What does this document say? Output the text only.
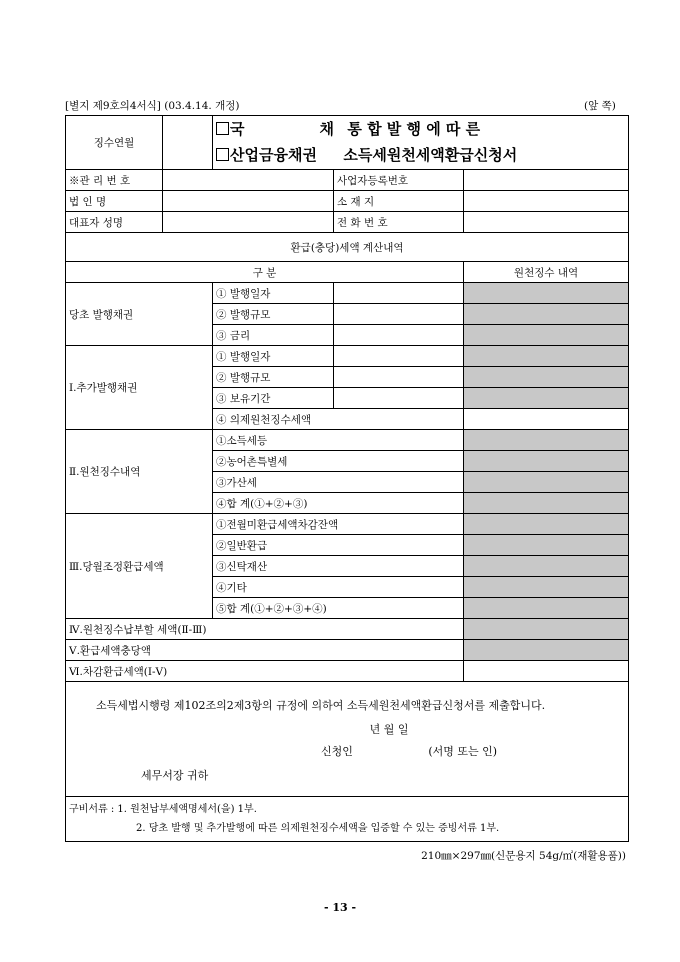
[별지 제9호의4서식] (03.4.14. 개정)	(앞 쪽)
징수연월		국 채 통 합 발 행 에 따 른
산업금융채권 소득세원천세액환급신청서		

※관 리 번 호			사업자등록번호	
법 인 명			소 재 지	
대표자 성명			전 화 번 호	
환급(충당)세액 계산내역				
구 분				원천징수 내역
당초 발행채권		① 발행일자		
		② 발행규모		
		③ 금리		
Ⅰ.추가발행채권		① 발행일자		
		② 발행규모		
		③ 보유기간		
		④ 의제원천징수세액		
Ⅱ.원천징수내역		①소득세등		
		②농어촌특별세		
		③가산세		
		④합 계(①+②+③)		
Ⅲ.당월조정환급세액		①전월미환급세액차감잔액		
		②일반환급		
		③신탁재산		
		④기타		
		⑤합 계(①+②+③+④)		
Ⅳ.원천징수납부할 세액(Ⅱ-Ⅲ)				
Ⅴ.환급세액충당액				
Ⅵ.차감환급세액(Ⅰ-Ⅴ)				

소득세법시행령 제102조의2제3항의 규정에 의하여 소득세원천세액환급신청서를 제출합니다.
년 월 일
신청인 (서명 또는 인)
세무서장 귀하				

구비서류 : 1. 원천납부세액명세서(을) 1부.
2. 당초 발행 및 추가발행에 따른 의제원천징수세액을 입증할 수 있는 증빙서류 1부.				
210㎜×297㎜(신문용지 54g/㎡(재활용품))
- 13 -
